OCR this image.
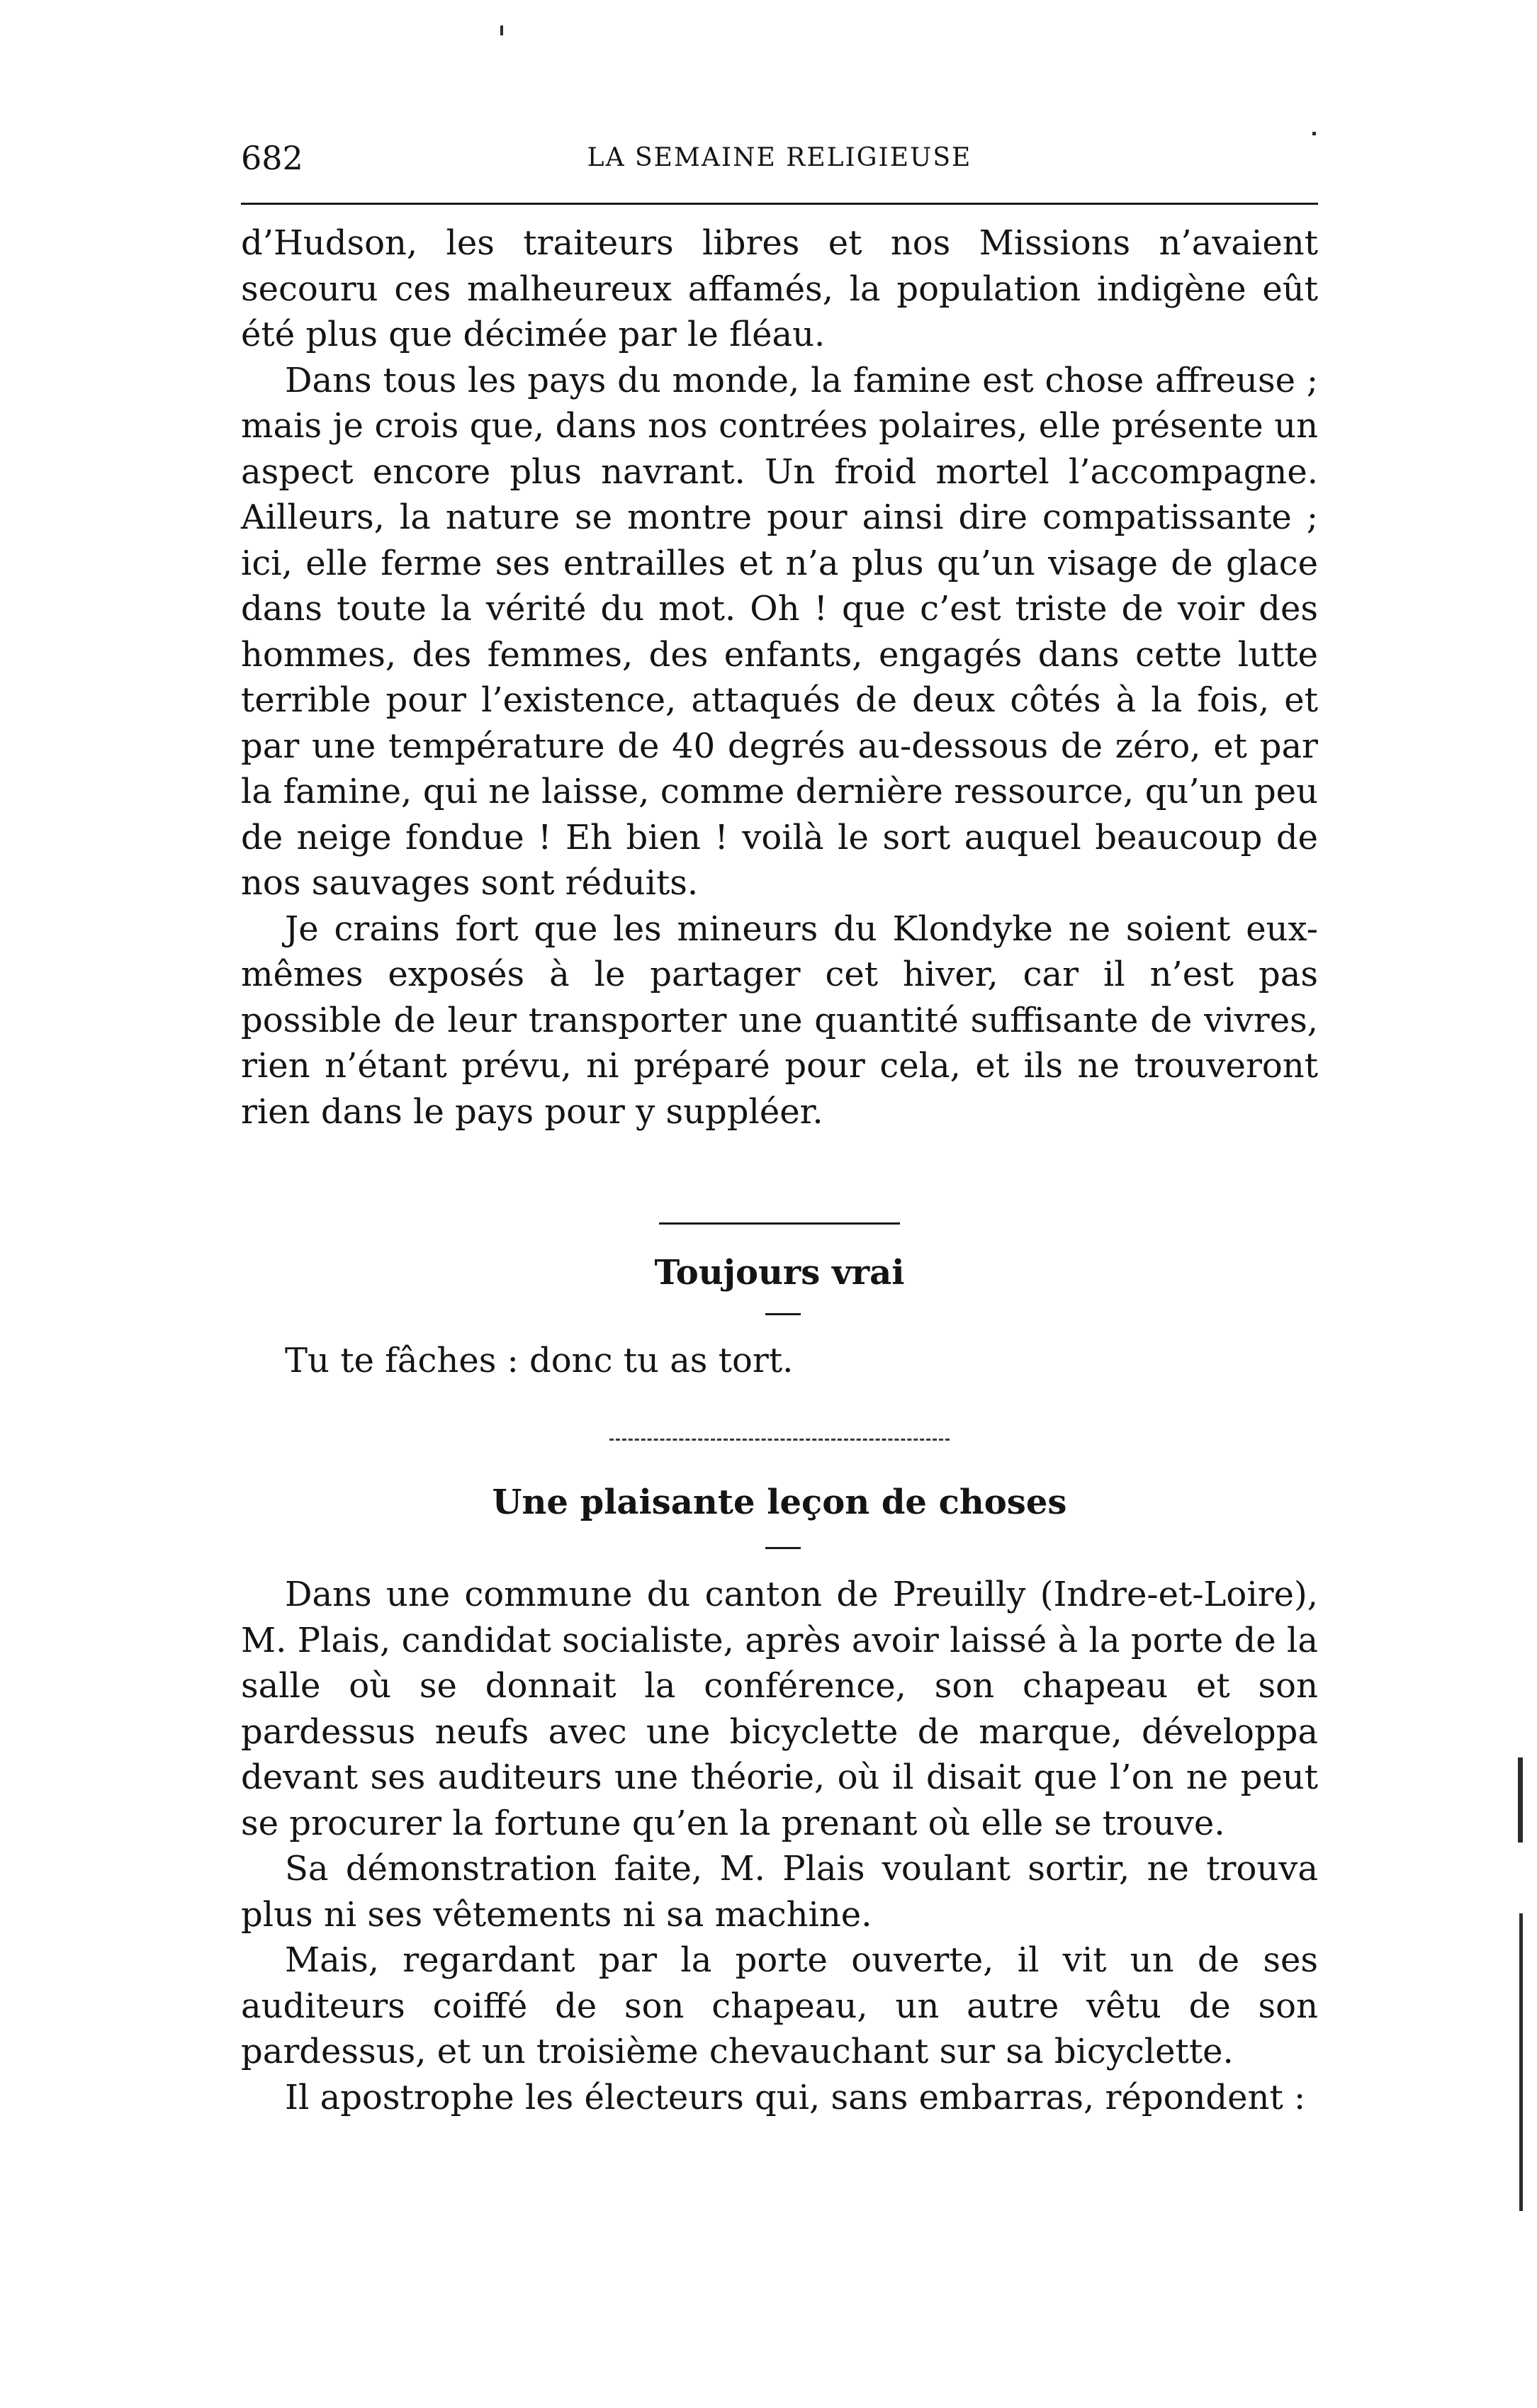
682	LA SEMAINE RELIGIEUSE

d’Hudson, les traiteurs libres et nos Missions n’avaient secouru ces malheureux affamés, la population indigène eût été plus que décimée par le fléau.

Dans tous les pays du monde, la famine est chose affreuse ; mais je crois que, dans nos contrées polaires, elle présente un aspect encore plus navrant. Un froid mortel l’accompagne. Ailleurs, la nature se montre pour ainsi dire compatissante ; ici, elle ferme ses entrailles et n’a plus qu’un visage de glace dans toute la vérité du mot. Oh ! que c’est triste de voir des hommes, des femmes, des enfants, engagés dans cette lutte terrible pour l’existence, attaqués de deux côtés à la fois, et par une température de 40 degrés au-dessous de zéro, et par la famine, qui ne laisse, comme dernière ressource, qu’un peu de neige fondue ! Eh bien ! voilà le sort auquel beaucoup de nos sauvages sont réduits.

Je crains fort que les mineurs du Klondyke ne soient eux-mêmes exposés à le partager cet hiver, car il n’est pas possible de leur transporter une quantité suffisante de vivres, rien n’étant prévu, ni préparé pour cela, et ils ne trouveront rien dans le pays pour y suppléer.

Toujours vrai

Tu te fâches : donc tu as tort.

Une plaisante leçon de choses

Dans une commune du canton de Preuilly (Indre-et-Loire), M. Plais, candidat socialiste, après avoir laissé à la porte de la salle où se donnait la conférence, son chapeau et son pardessus neufs avec une bicyclette de marque, développa devant ses auditeurs une théorie, où il disait que l’on ne peut se procurer la fortune qu’en la prenant où elle se trouve.

Sa démonstration faite, M. Plais voulant sortir, ne trouva plus ni ses vêtements ni sa machine.

Mais, regardant par la porte ouverte, il vit un de ses auditeurs coiffé de son chapeau, un autre vêtu de son pardessus, et un troisième chevauchant sur sa bicyclette.

Il apostrophe les électeurs qui, sans embarras, répondent :
